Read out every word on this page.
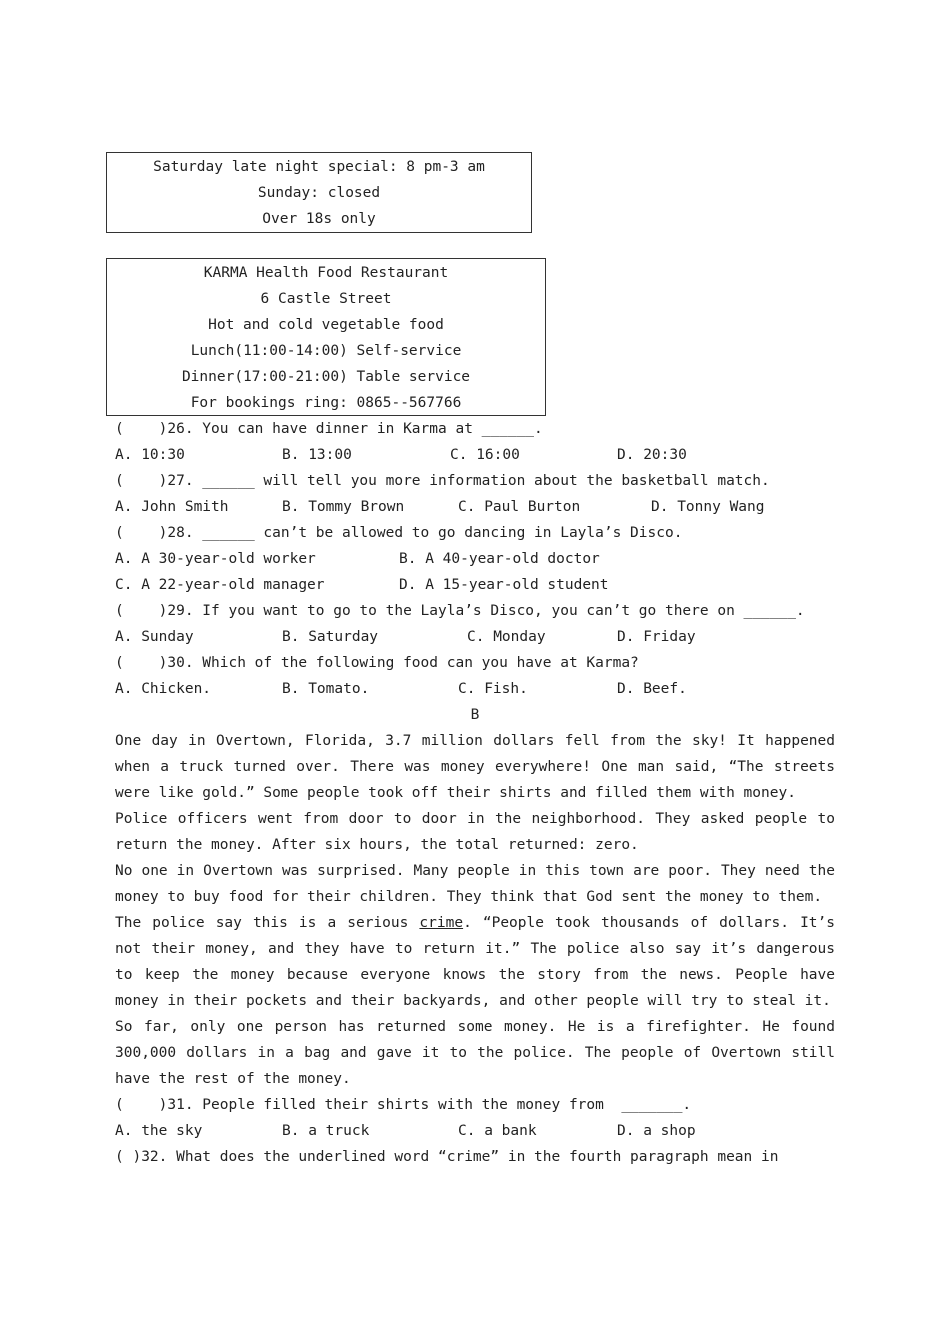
Saturday late night special: 8 pm-3 am
Sunday: closed
Over 18s only
KARMA Health Food Restaurant
6 Castle Street
Hot and cold vegetable food
Lunch(11:00-14:00) Self-service
Dinner(17:00-21:00) Table service
For bookings ring: 0865--567766
(    )26. You can have dinner in Karma at ______.

A. 10:30

	B. 13:00

	C. 16:00

	D. 20:30

(    )27. ______ will tell you more information about the basketball match.

A. John Smith

	B. Tommy Brown

	C. Paul Burton

	D. Tonny Wang

(    )28. ______ can’t be allowed to go dancing in Layla’s Disco.

A. A 30-year-old worker

	B. A 40-year-old doctor

C. A 22-year-old manager

	D. A 15-year-old student

(    )29. If you want to go to the Layla’s Disco, you can’t go there on ______.

A. Sunday

	B. Saturday

	C. Monday

	D. Friday

(    )30. Which of the following food can you have at Karma?

A. Chicken.

	B. Tomato.

	C. Fish.

	D. Beef.

B
One day in Overtown, Florida, 3.7 million dollars fell from the sky! It happened when a truck turned over. There was money everywhere! One man said, “The streets were like gold.” Some people took off their shirts and filled them with money.
Police officers went from door to door in the neighborhood. They asked people to return the money. After six hours, the total returned: zero.
No one in Overtown was surprised. Many people in this town are poor. They need the money to buy food for their children. They think that God sent the money to them.
The police say this is a serious crime. “People took thousands of dollars. It’s not their money, and they have to return it.” The police also say it’s dangerous to keep the money because everyone knows the story from the news. People have money in their pockets and their backyards, and other people will try to steal it.
So far, only one person has returned some money. He is a firefighter. He found 300,000 dollars in a bag and gave it to the police. The people of Overtown still have the rest of the money.
(    )31. People filled their shirts with the money from  _______.

A. the sky

	B. a truck

	C. a bank

	D. a shop

( )32. What does the underlined word “crime” in the fourth paragraph mean in
